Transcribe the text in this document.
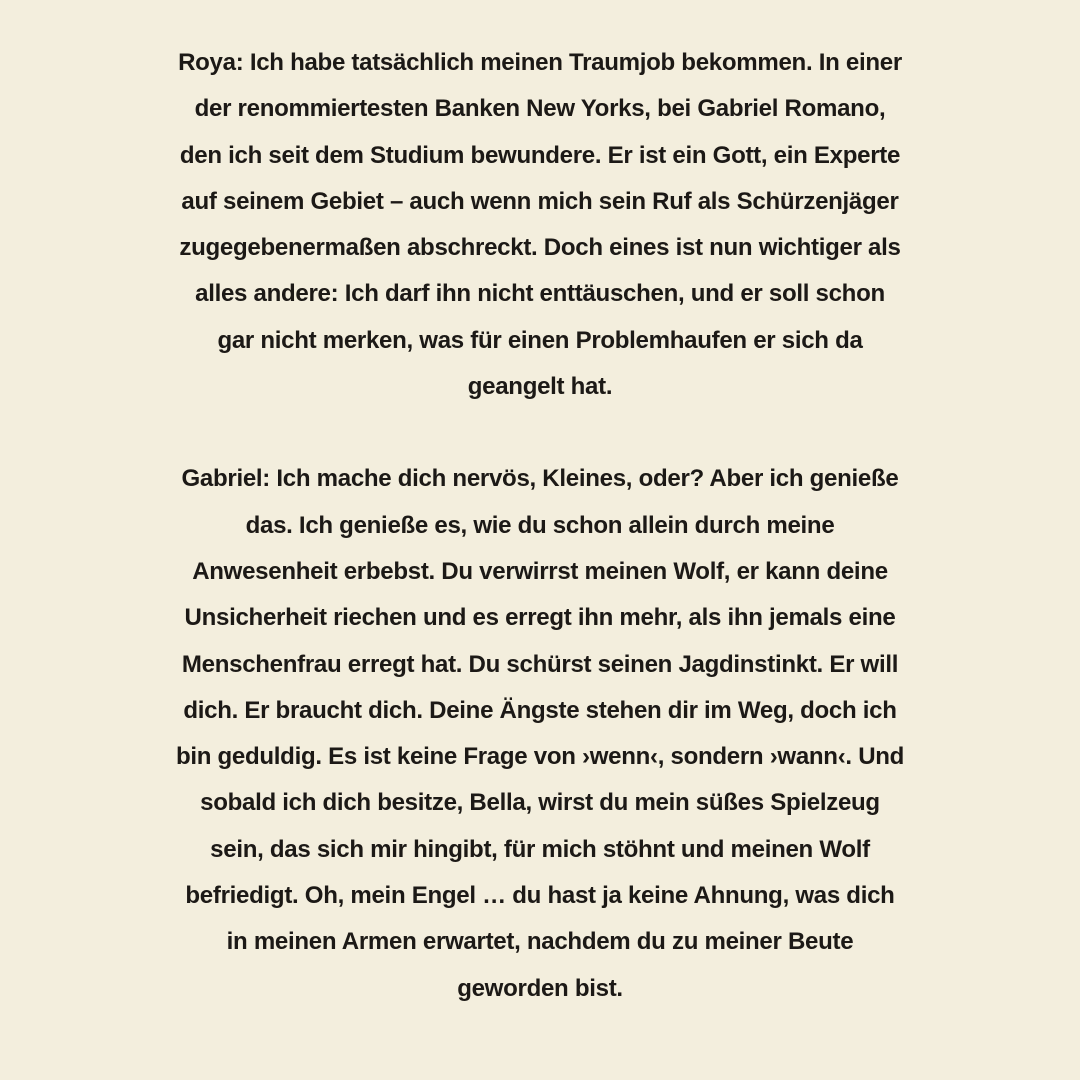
Roya: Ich habe tatsächlich meinen Traumjob bekommen. In einer
der renommiertesten Banken New Yorks, bei Gabriel Romano,
den ich seit dem Studium bewundere. Er ist ein Gott, ein Experte
auf seinem Gebiet – auch wenn mich sein Ruf als Schürzenjäger
zugegebenermaßen abschreckt. Doch eines ist nun wichtiger als
alles andere: Ich darf ihn nicht enttäuschen, und er soll schon
gar nicht merken, was für einen Problemhaufen er sich da
geangelt hat.

Gabriel: Ich mache dich nervös, Kleines, oder? Aber ich genieße
das. Ich genieße es, wie du schon allein durch meine
Anwesenheit erbebst. Du verwirrst meinen Wolf, er kann deine
Unsicherheit riechen und es erregt ihn mehr, als ihn jemals eine
Menschenfrau erregt hat. Du schürst seinen Jagdinstinkt. Er will
dich. Er braucht dich. Deine Ängste stehen dir im Weg, doch ich
bin geduldig. Es ist keine Frage von ›wenn‹, sondern ›wann‹. Und
sobald ich dich besitze, Bella, wirst du mein süßes Spielzeug
sein, das sich mir hingibt, für mich stöhnt und meinen Wolf
befriedigt. Oh, mein Engel … du hast ja keine Ahnung, was dich
in meinen Armen erwartet, nachdem du zu meiner Beute
geworden bist.
